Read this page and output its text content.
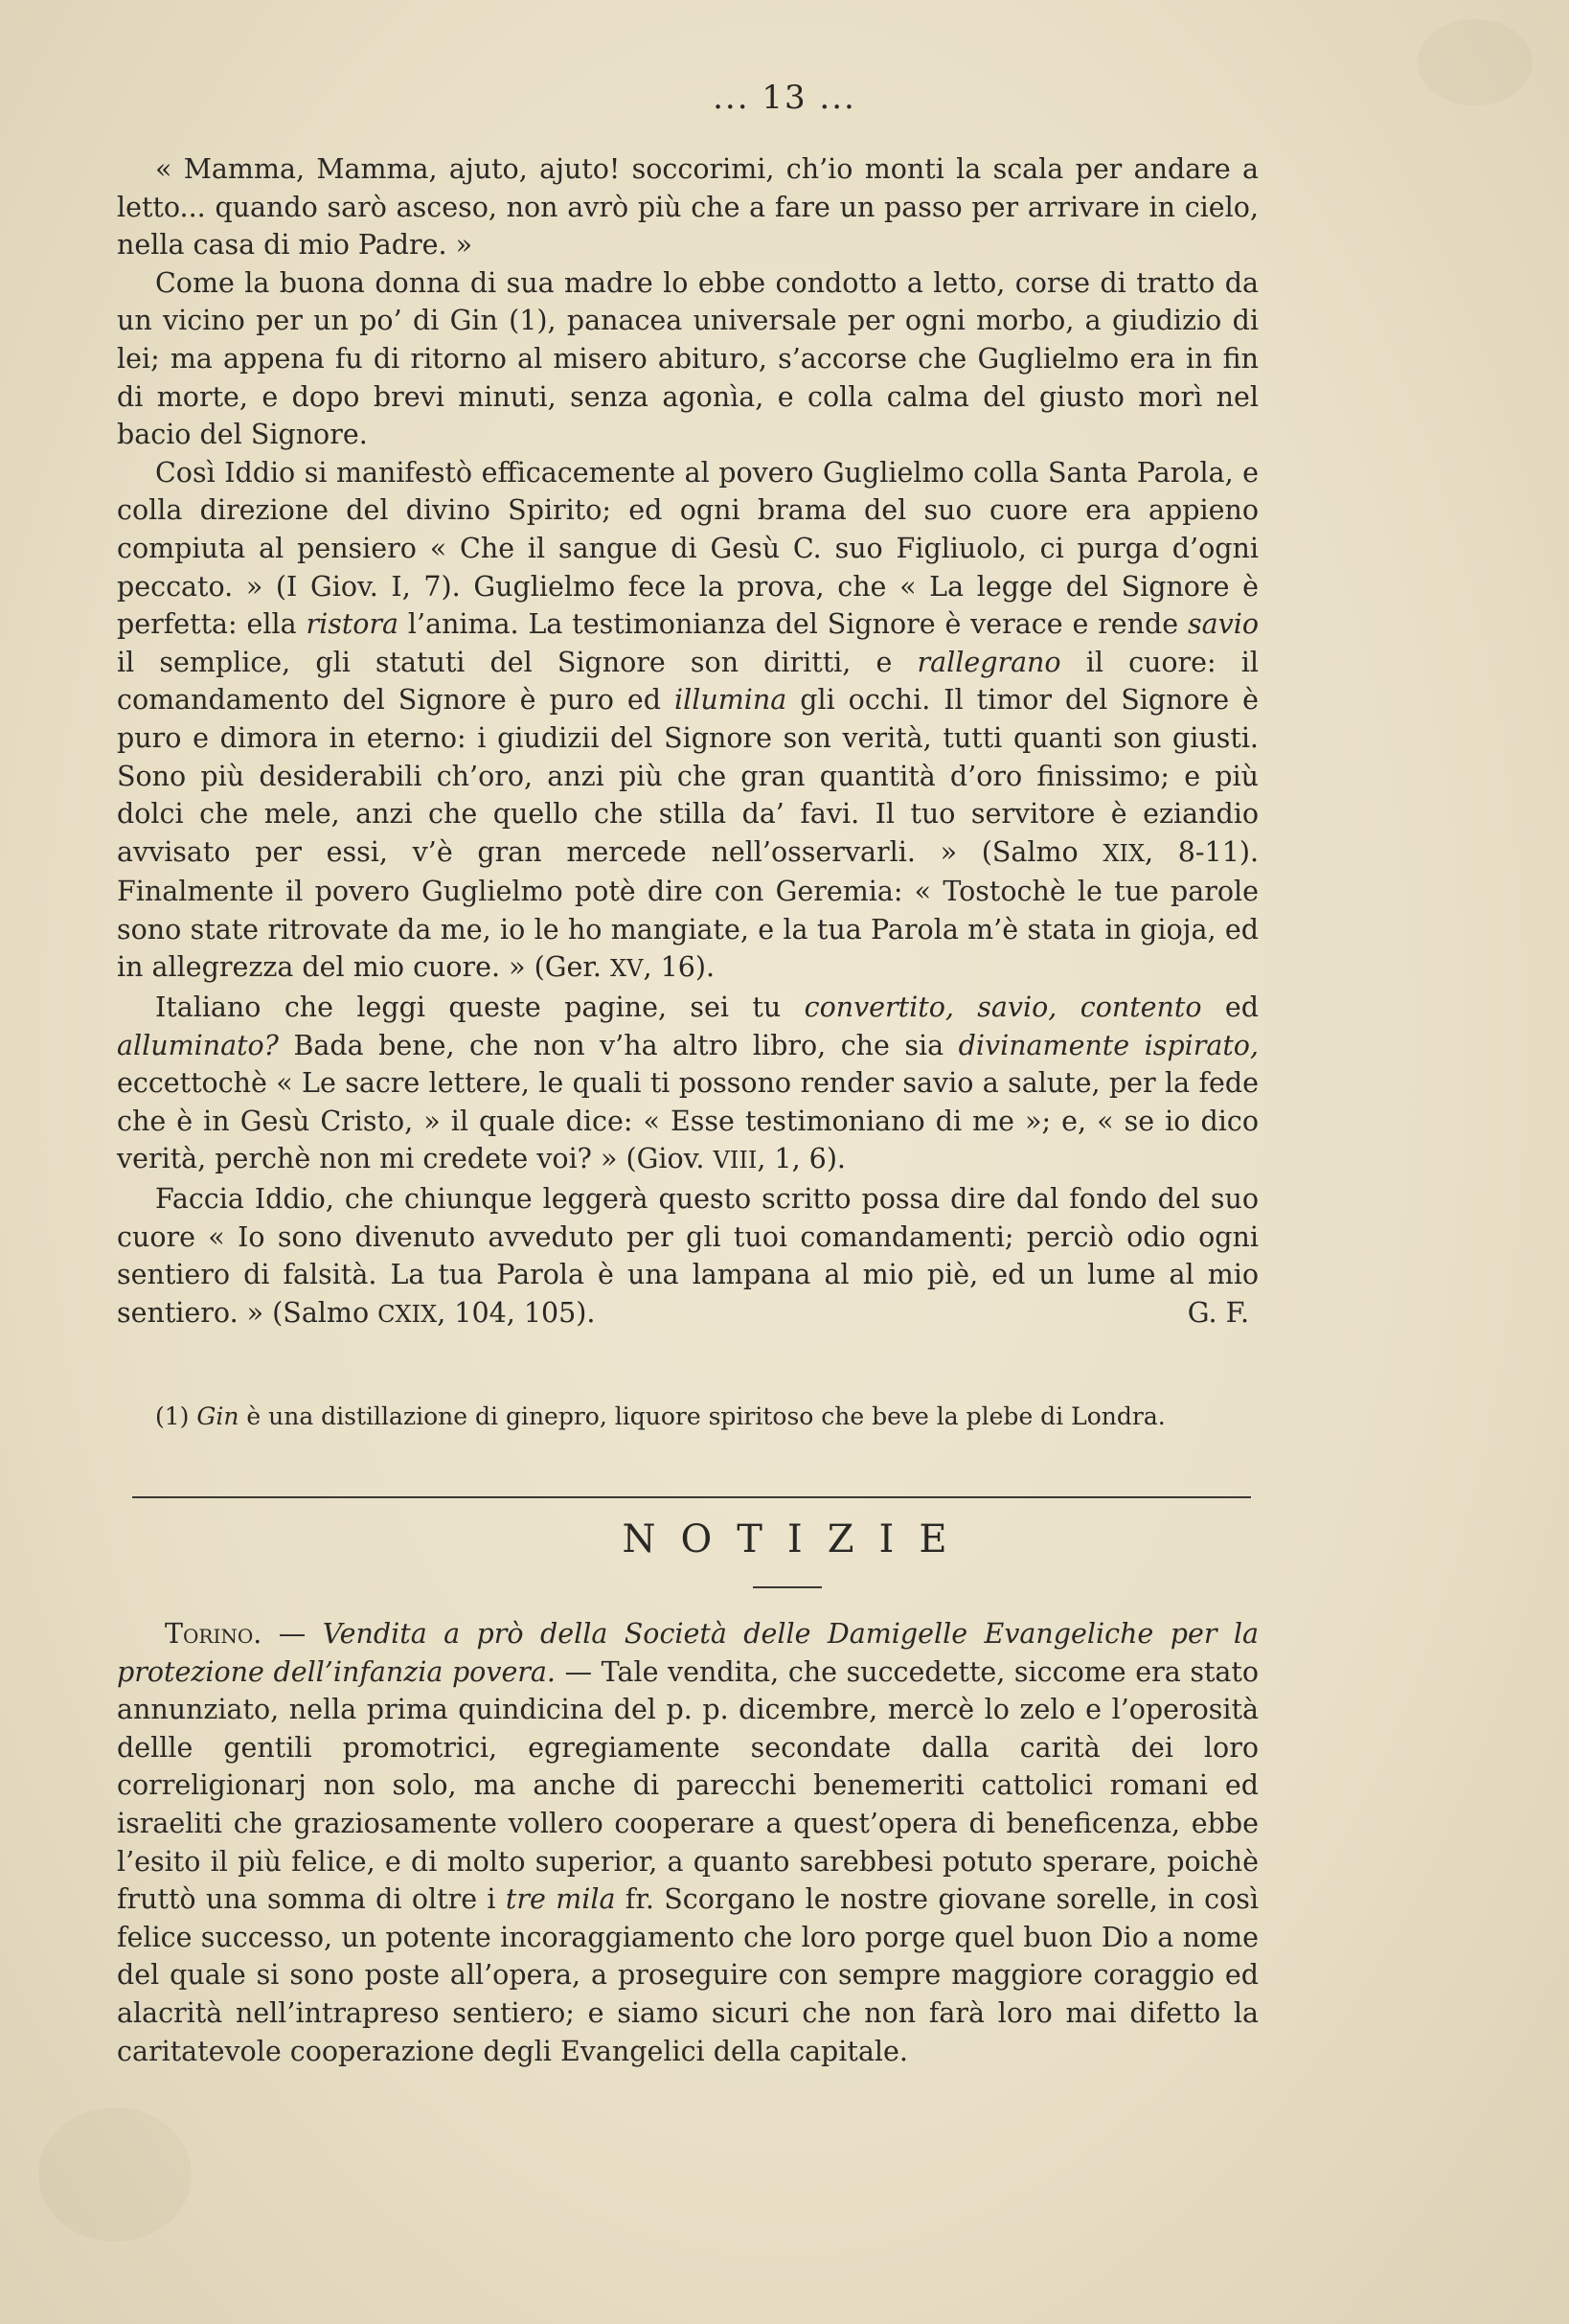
... 13 ...

« Mamma, Mamma, ajuto, ajuto! soccorimi, ch’io monti la scala per andare a letto... quando sarò asceso, non avrò più che a fare un passo per arrivare in cielo, nella casa di mio Padre. »

Come la buona donna di sua madre lo ebbe condotto a letto, corse di tratto da un vicino per un po’ di Gin (1), panacea universale per ogni morbo, a giudizio di lei; ma appena fu di ritorno al misero abituro, s’accorse che Guglielmo era in fin di morte, e dopo brevi minuti, senza agonìa, e colla calma del giusto morì nel bacio del Signore.

Così Iddio si manifestò efficacemente al povero Guglielmo colla Santa Parola, e colla direzione del divino Spirito; ed ogni brama del suo cuore era appieno compiuta al pensiero « Che il sangue di Gesù C. suo Figliuolo, ci purga d’ogni peccato. » (I Giov. I, 7). Guglielmo fece la prova, che « La legge del Signore è perfetta: ella ristora l’anima. La testimonianza del Signore è verace e rende savio il semplice, gli statuti del Signore son diritti, e rallegrano il cuore: il comandamento del Signore è puro ed illumina gli occhi. Il timor del Signore è puro e dimora in eterno: i giudizii del Signore son verità, tutti quanti son giusti. Sono più desiderabili ch’oro, anzi più che gran quantità d’oro finissimo; e più dolci che mele, anzi che quello che stilla da’ favi. Il tuo servitore è eziandio avvisato per essi, v’è gran mercede nell’osservarli. » (Salmo XIX, 8-11). Finalmente il povero Guglielmo potè dire con Geremia: « Tostochè le tue parole sono state ritrovate da me, io le ho mangiate, e la tua Parola m’è stata in gioja, ed in allegrezza del mio cuore. » (Ger. XV, 16).

Italiano che leggi queste pagine, sei tu convertito, savio, contento ed alluminato? Bada bene, che non v’ha altro libro, che sia divinamente ispirato, eccettochè « Le sacre lettere, le quali ti possono render savio a salute, per la fede che è in Gesù Cristo, » il quale dice: « Esse testimoniano di me »; e, « se io dico verità, perchè non mi credete voi? » (Giov. VIII, 1, 6).

Faccia Iddio, che chiunque leggerà questo scritto possa dire dal fondo del suo cuore « Io sono divenuto avveduto per gli tuoi comandamenti; perciò odio ogni sentiero di falsità. La tua Parola è una lampana al mio piè, ed un lume al mio sentiero. » (Salmo CXIX, 104, 105).	G. F.

(1) Gin è una distillazione di ginepro, liquore spiritoso che beve la plebe di Londra.

NOTIZIE

Torino. — Vendita a prò della Società delle Damigelle Evangeliche per la protezione dell’infanzia povera. — Tale vendita, che succedette, siccome era stato annunziato, nella prima quindicina del p. p. dicembre, mercè lo zelo e l’operosità dellle gentili promotrici, egregiamente secondate dalla carità dei loro correligionarj non solo, ma anche di parecchi benemeriti cattolici romani ed israeliti che graziosamente vollero cooperare a quest’opera di beneficenza, ebbe l’esito il più felice, e di molto superior, a quanto sarebbesi potuto sperare, poichè fruttò una somma di oltre i tre mila fr. Scorgano le nostre giovane sorelle, in così felice successo, un potente incoraggiamento che loro porge quel buon Dio a nome del quale si sono poste all’opera, a proseguire con sempre maggiore coraggio ed alacrità nell’intrapreso sentiero; e siamo sicuri che non farà loro mai difetto la caritatevole cooperazione degli Evangelici della capitale.
